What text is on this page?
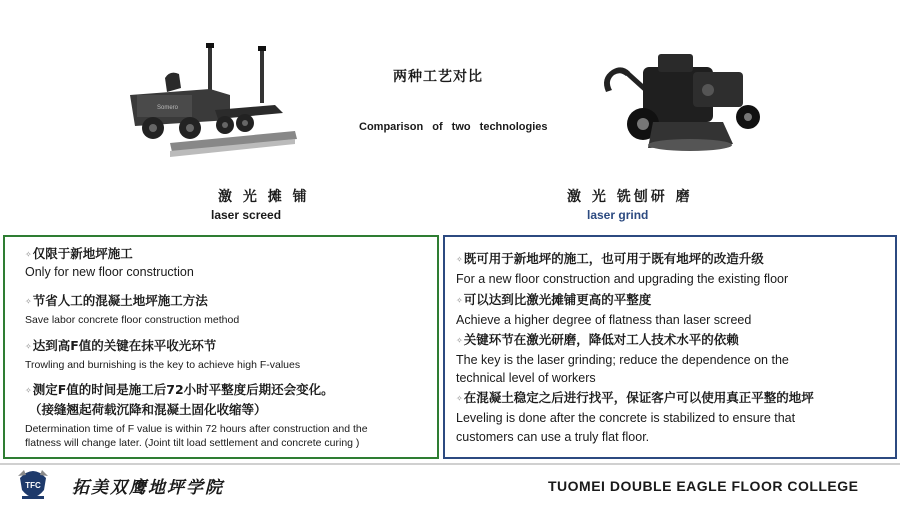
两种工艺对比
Comparison of two technologies
Somero
激 光 摊 铺
laser screed
激 光 铣刨研 磨
laser grind
✧仅限于新地坪施工
Only for new floor construction
✧节省人工的混凝土地坪施工方法
Save labor concrete floor construction method
✧达到高F值的关键在抹平收光环节
Trowling and burnishing is the key to achieve high F-values
✧测定F值的时间是施工后72小时平整度后期还会变化。
（接缝翘起荷载沉降和混凝土固化收缩等）
Determination time of F value is within 72 hours after construction and the
flatness will change later. (Joint tilt load settlement and concrete curing )
✧既可用于新地坪的施工，也可用于既有地坪的改造升级
For a new floor construction and upgrading the existing floor
✧可以达到比激光摊铺更高的平整度
Achieve a higher degree of flatness than laser screed
✧关键环节在激光研磨，降低对工人技术水平的依赖
The key is the laser grinding; reduce the dependence on the
technical level of workers
✧在混凝土稳定之后进行找平，保证客户可以使用真正平整的地坪
Leveling is done after the concrete is stabilized to ensure that
customers can use a truly flat floor.
TFC 拓美双鹰地坪学院	TUOMEI DOUBLE EAGLE FLOOR COLLEGE
